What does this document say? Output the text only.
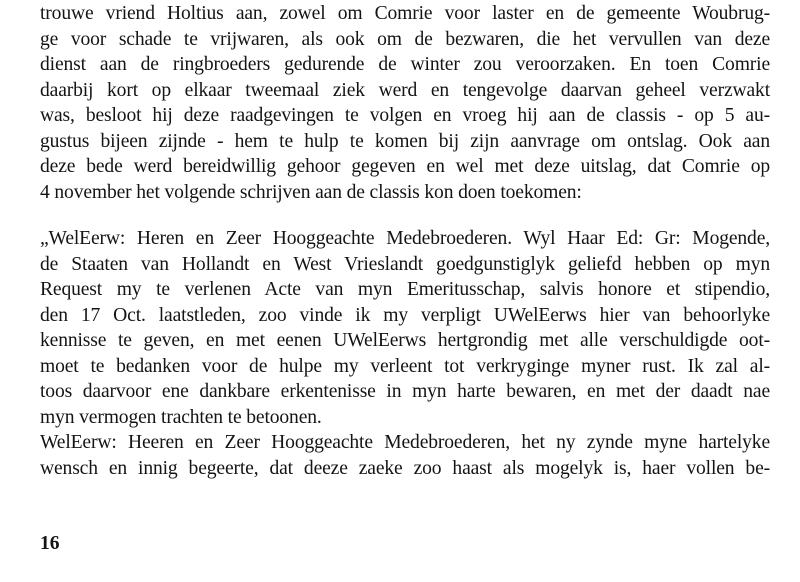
trouwe vriend Holtius aan, zowel om Comrie voor laster en de gemeente Woubrug-
ge voor schade te vrijwaren, als ook om de bezwaren, die het vervullen van deze
dienst aan de ringbroeders gedurende de winter zou veroorzaken. En toen Comrie
daarbij kort op elkaar tweemaal ziek werd en tengevolge daarvan geheel verzwakt
was, besloot hij deze raadgevingen te volgen en vroeg hij aan de classis - op 5 au-
gustus bijeen zijnde - hem te hulp te komen bij zijn aanvrage om ontslag. Ook aan
deze bede werd bereidwillig gehoor gegeven en wel met deze uitslag, dat Comrie op
4 november het volgende schrijven aan de classis kon doen toekomen:
„WelEerw: Heren en Zeer Hooggeachte Medebroederen. Wyl Haar Ed: Gr: Mogende,
de Staaten van Hollandt en West Vrieslandt goedgunstiglyk geliefd hebben op myn
Request my te verlenen Acte van myn Emeritusschap, salvis honore et stipendio,
den 17 Oct. laatstleden, zoo vinde ik my verpligt UWelEerws hier van behoorlyke
kennisse te geven, en met eenen UWelEerws hertgrondig met alle verschuldigde oot-
moet te bedanken voor de hulpe my verleent tot verkryginge myner rust. Ik zal al-
toos daarvoor ene dankbare erkentenisse in myn harte bewaren, en met der daadt nae
myn vermogen trachten te betoonen.
WelEerw: Heeren en Zeer Hooggeachte Medebroederen, het ny zynde myne hartelyke
wensch en innig begeerte, dat deeze zaeke zoo haast als mogelyk is, haer vollen be-
16
